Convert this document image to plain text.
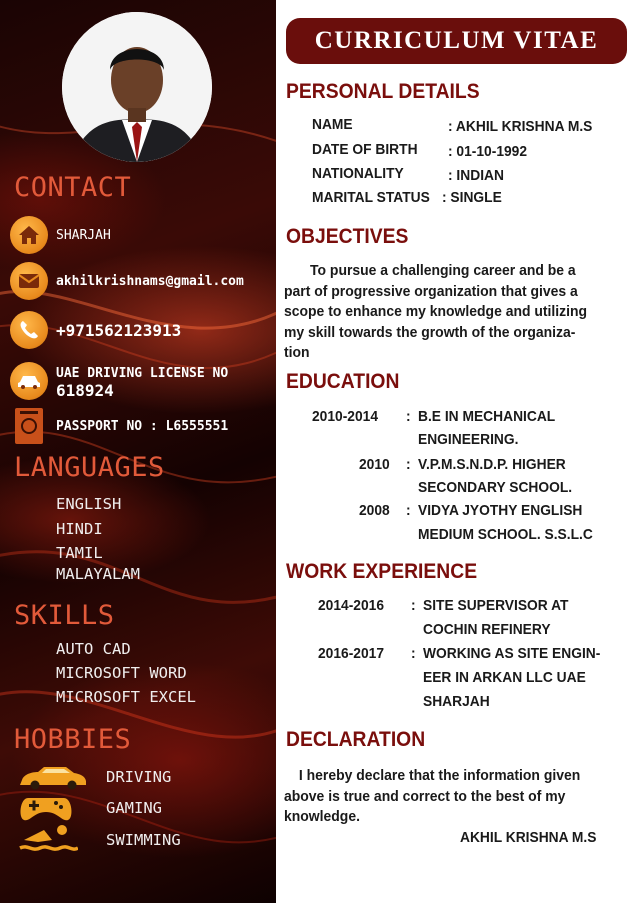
CONTACT
SHARJAH
akhilkrishnams@gmail.com
+971562123913
UAE DRIVING LICENSE NO
618924
PASSPORT NO : L6555551
LANGUAGES
ENGLISH
HINDI
TAMIL
MALAYALAM
SKILLS
AUTO CAD
MICROSOFT WORD
MICROSOFT EXCEL
HOBBIES
DRIVING
GAMING
SWIMMING
CURRICULUM VITAE
PERSONAL DETAILS
NAME	: AKHIL KRISHNA M.S
DATE OF BIRTH : 01-10-1992
NATIONALITY	: INDIAN
MARITAL STATUS : SINGLE
OBJECTIVES
To pursue a challenging career and be a
part of progressive organization that gives a
scope to enhance my knowledge and utilizing
my skill towards the growth of the organiza-
tion
EDUCATION
2010-2014 : B.E IN MECHANICAL
ENGINEERING.
2010 : V.P.M.S.N.D.P. HIGHER
SECONDARY SCHOOL.
2008 : VIDYA JYOTHY ENGLISH
MEDIUM SCHOOL. S.S.L.C
WORK EXPERIENCE
2014-2016 : SITE SUPERVISOR AT
COCHIN REFINERY
2016-2017 : WORKING AS SITE ENGIN-
EER IN ARKAN LLC UAE
SHARJAH
DECLARATION
I hereby declare that the information given
above is true and correct to the best of my
knowledge.
AKHIL KRISHNA M.S
